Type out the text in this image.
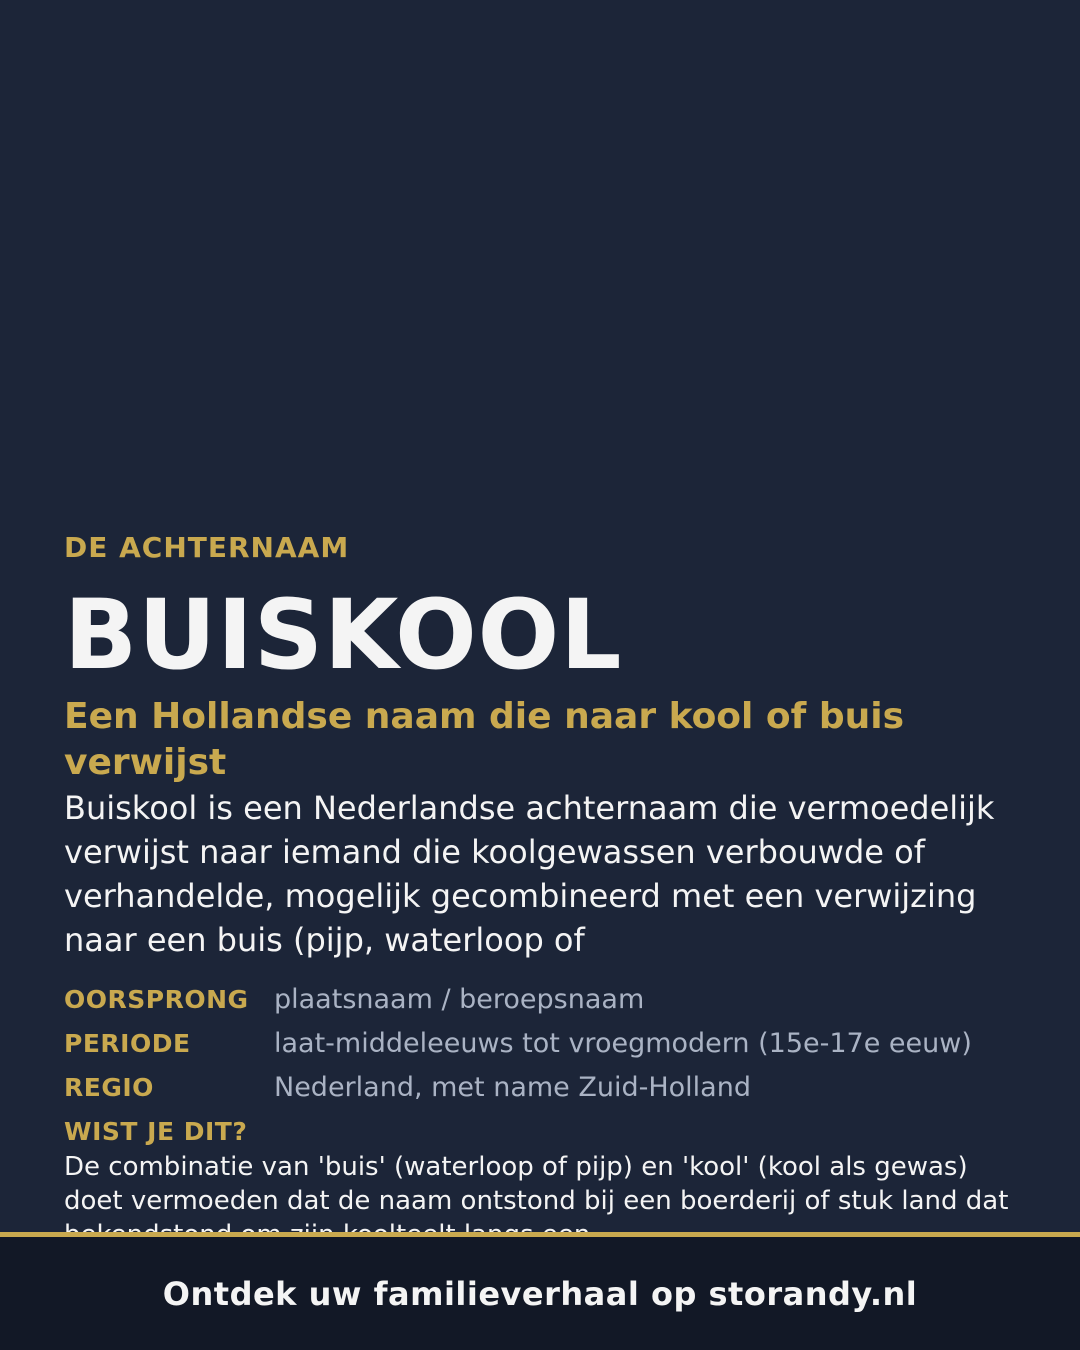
DE ACHTERNAAM

BUISKOOL
Een Hollandse naam die naar kool of buis verwijst

Buiskool is een Nederlandse achternaam die vermoedelijk verwijst naar iemand die koolgewassen verbouwde of verhandelde, mogelijk gecombineerd met een verwijzing naar een buis (pijp, waterloop of

OORSPRONG plaatsnaam / beroepsnaam
PERIODE	laat-middeleeuws tot vroegmodern (15e-17e eeuw)
REGIO	Nederland, met name Zuid-Holland

WIST JE DIT?

De combinatie van 'buis' (waterloop of pijp) en 'kool' (kool als gewas) doet vermoeden dat de naam ontstond bij een boerderij of stuk land dat

Ontdek uw familieverhaal op storandy.nl
